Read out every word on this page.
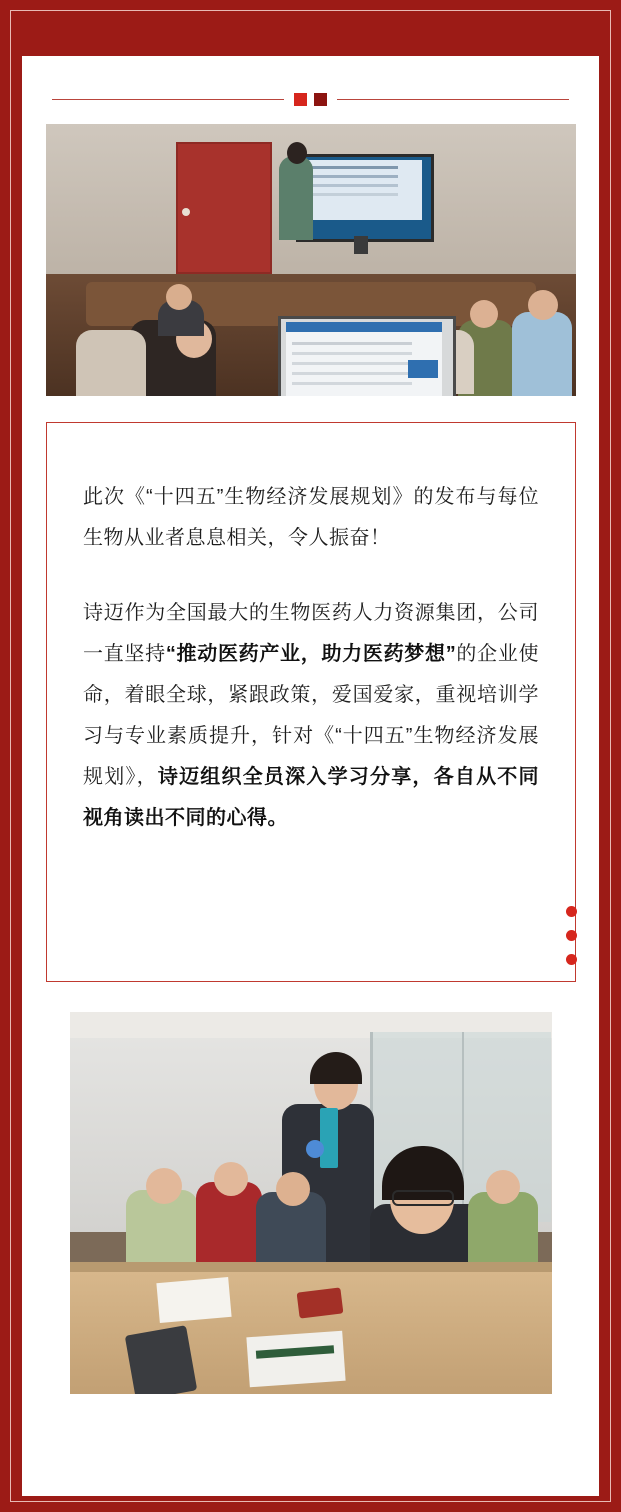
此次《“十四五”生物经济发展规划》的发布与每位生物从业者息息相关，令人振奋！

诗迈作为全国最大的生物医药人力资源集团，公司一直坚持“推动医药产业，助力医药梦想”的企业使命，着眼全球，紧跟政策，爱国爱家，重视培训学习与专业素质提升，针对《“十四五”生物经济发展规划》，诗迈组织全员深入学习分享，各自从不同视角读出不同的心得。
